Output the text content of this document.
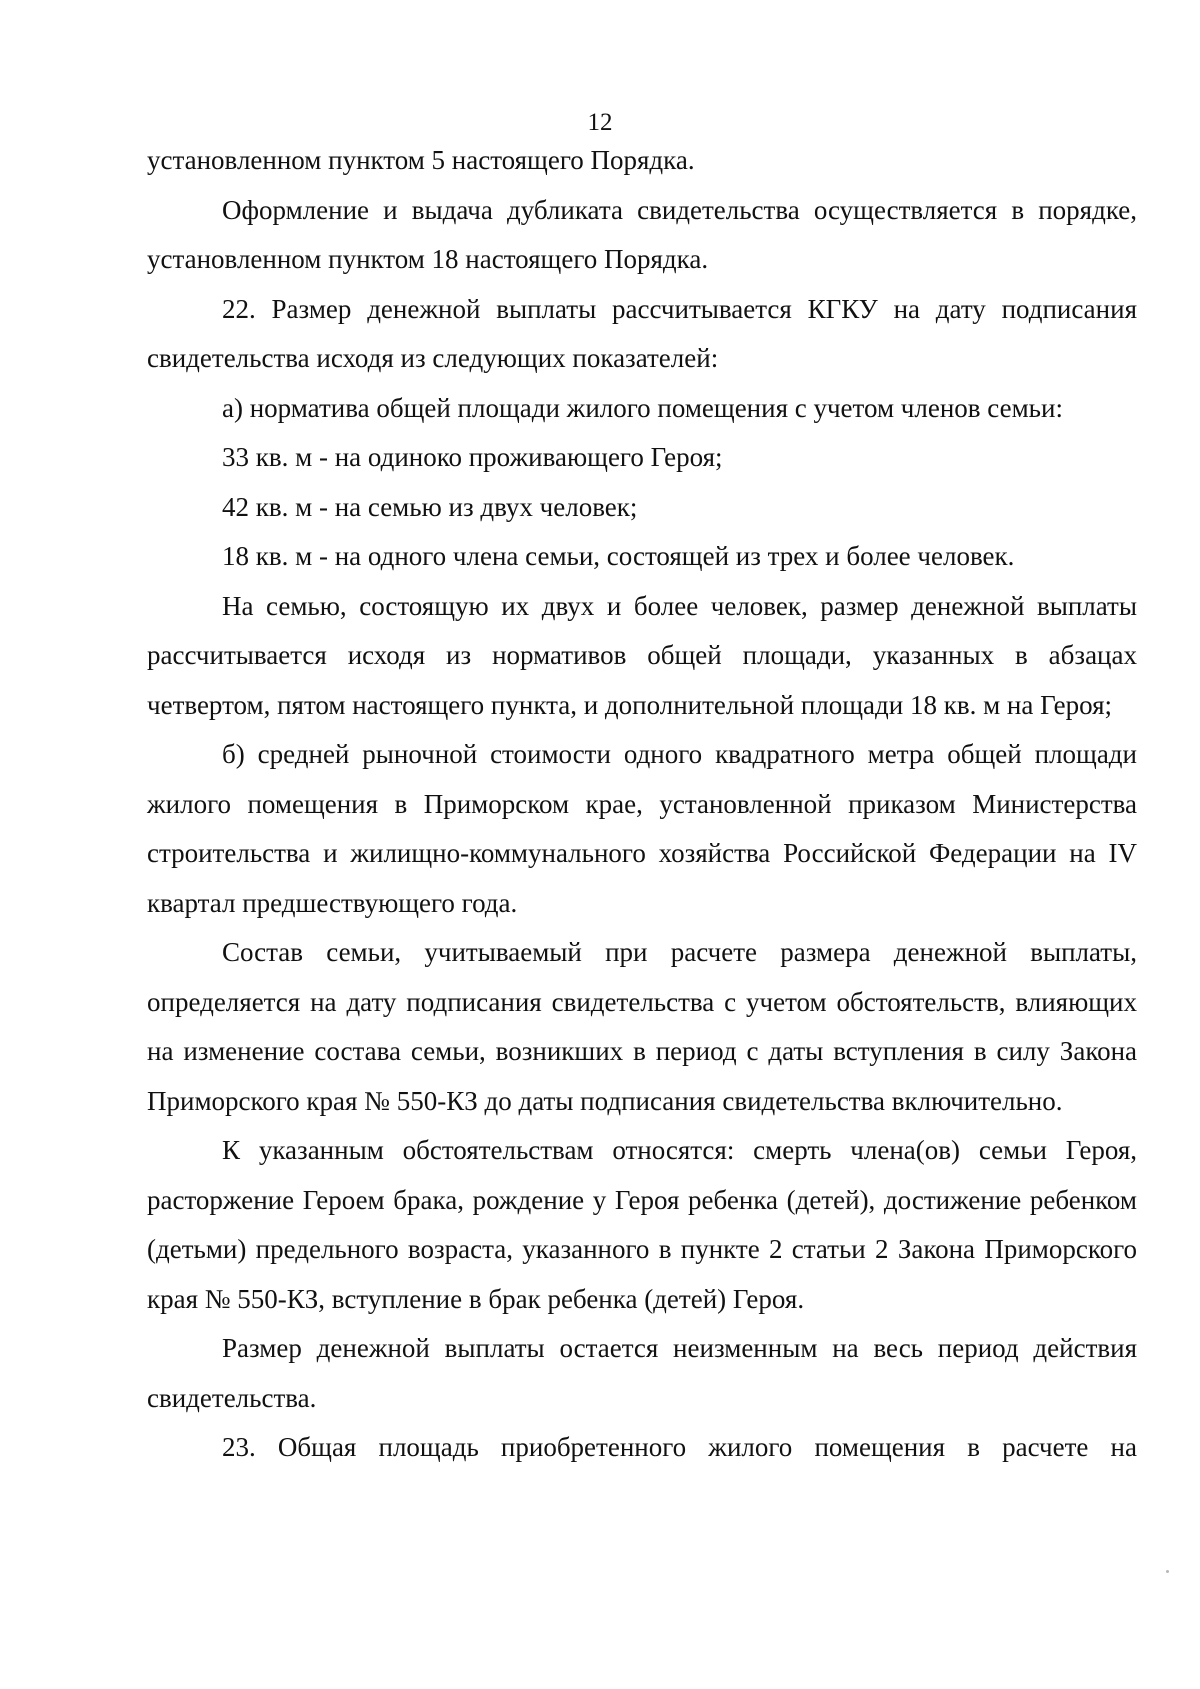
12

установленном пунктом 5 настоящего Порядка.

Оформление и выдача дубликата свидетельства осуществляется в порядке, установленном пунктом 18 настоящего Порядка.

22. Размер денежной выплаты рассчитывается КГКУ на дату подписания свидетельства исходя из следующих показателей:

а) норматива общей площади жилого помещения с учетом членов семьи:

33 кв. м - на одиноко проживающего Героя;

42 кв. м - на семью из двух человек;

18 кв. м - на одного члена семьи, состоящей из трех и более человек.

На семью, состоящую их двух и более человек, размер денежной выплаты рассчитывается исходя из нормативов общей площади, указанных в абзацах четвертом, пятом настоящего пункта, и дополнительной площади 18 кв. м на Героя;

б) средней рыночной стоимости одного квадратного метра общей площади жилого помещения в Приморском крае, установленной приказом Министерства строительства и жилищно-коммунального хозяйства Российской Федерации на IV квартал предшествующего года.

Состав семьи, учитываемый при расчете размера денежной выплаты, определяется на дату подписания свидетельства с учетом обстоятельств, влияющих на изменение состава семьи, возникших в период с даты вступления в силу Закона Приморского края № 550-КЗ до даты подписания свидетельства включительно.

К указанным обстоятельствам относятся: смерть члена(ов) семьи Героя, расторжение Героем брака, рождение у Героя ребенка (детей), достижение ребенком (детьми) предельного возраста, указанного в пункте 2 статьи 2 Закона Приморского края № 550-КЗ, вступление в брак ребенка (детей) Героя.

Размер денежной выплаты остается неизменным на весь период действия свидетельства.

23. Общая площадь приобретенного жилого помещения в расчете на
